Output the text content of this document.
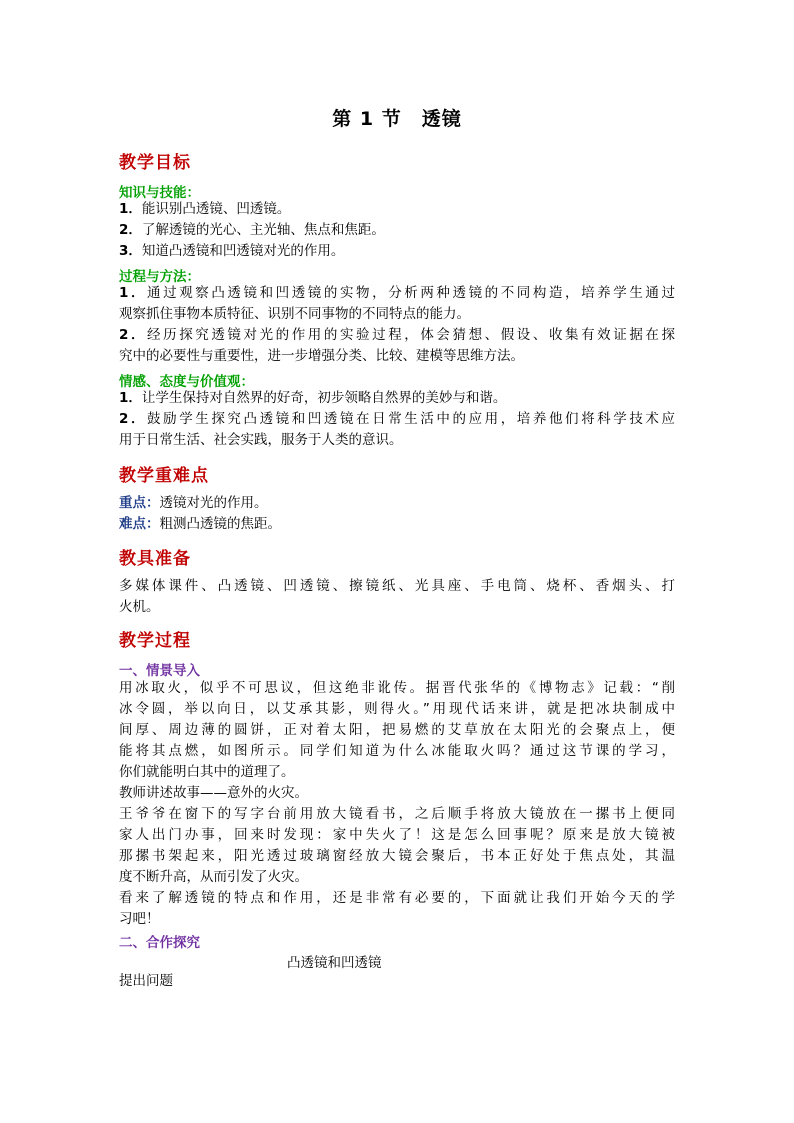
第 1 节　透镜
教学目标
知识与技能：
1．能识别凸透镜、凹透镜。
2．了解透镜的光心、主光轴、焦点和焦距。
3．知道凸透镜和凹透镜对光的作用。
过程与方法：
1．通过观察凸透镜和凹透镜的实物，分析两种透镜的不同构造，培养学生通过
观察抓住事物本质特征、识别不同事物的不同特点的能力。
2．经历探究透镜对光的作用的实验过程，体会猜想、假设、收集有效证据在探
究中的必要性与重要性，进一步增强分类、比较、建模等思维方法。
情感、态度与价值观：
1．让学生保持对自然界的好奇，初步领略自然界的美妙与和谐。
2．鼓励学生探究凸透镜和凹透镜在日常生活中的应用，培养他们将科学技术应
用于日常生活、社会实践，服务于人类的意识。
教学重难点
重点：透镜对光的作用。
难点：粗测凸透镜的焦距。
教具准备
多媒体课件、凸透镜、凹透镜、擦镜纸、光具座、手电筒、烧杯、香烟头、打
火机。
教学过程
一、情景导入
用冰取火，似乎不可思议，但这绝非讹传。据晋代张华的《博物志》记载：“削
冰令圆，举以向日，以艾承其影，则得火。”用现代话来讲，就是把冰块制成中
间厚、周边薄的圆饼，正对着太阳，把易燃的艾草放在太阳光的会聚点上，便
能将其点燃，如图所示。同学们知道为什么冰能取火吗？通过这节课的学习，
你们就能明白其中的道理了。
教师讲述故事——意外的火灾。
王爷爷在窗下的写字台前用放大镜看书，之后顺手将放大镜放在一摞书上便同
家人出门办事，回来时发现：家中失火了！这是怎么回事呢？原来是放大镜被
那摞书架起来，阳光透过玻璃窗经放大镜会聚后，书本正好处于焦点处，其温
度不断升高，从而引发了火灾。
看来了解透镜的特点和作用，还是非常有必要的，下面就让我们开始今天的学
习吧！
二、合作探究
凸透镜和凹透镜
提出问题
